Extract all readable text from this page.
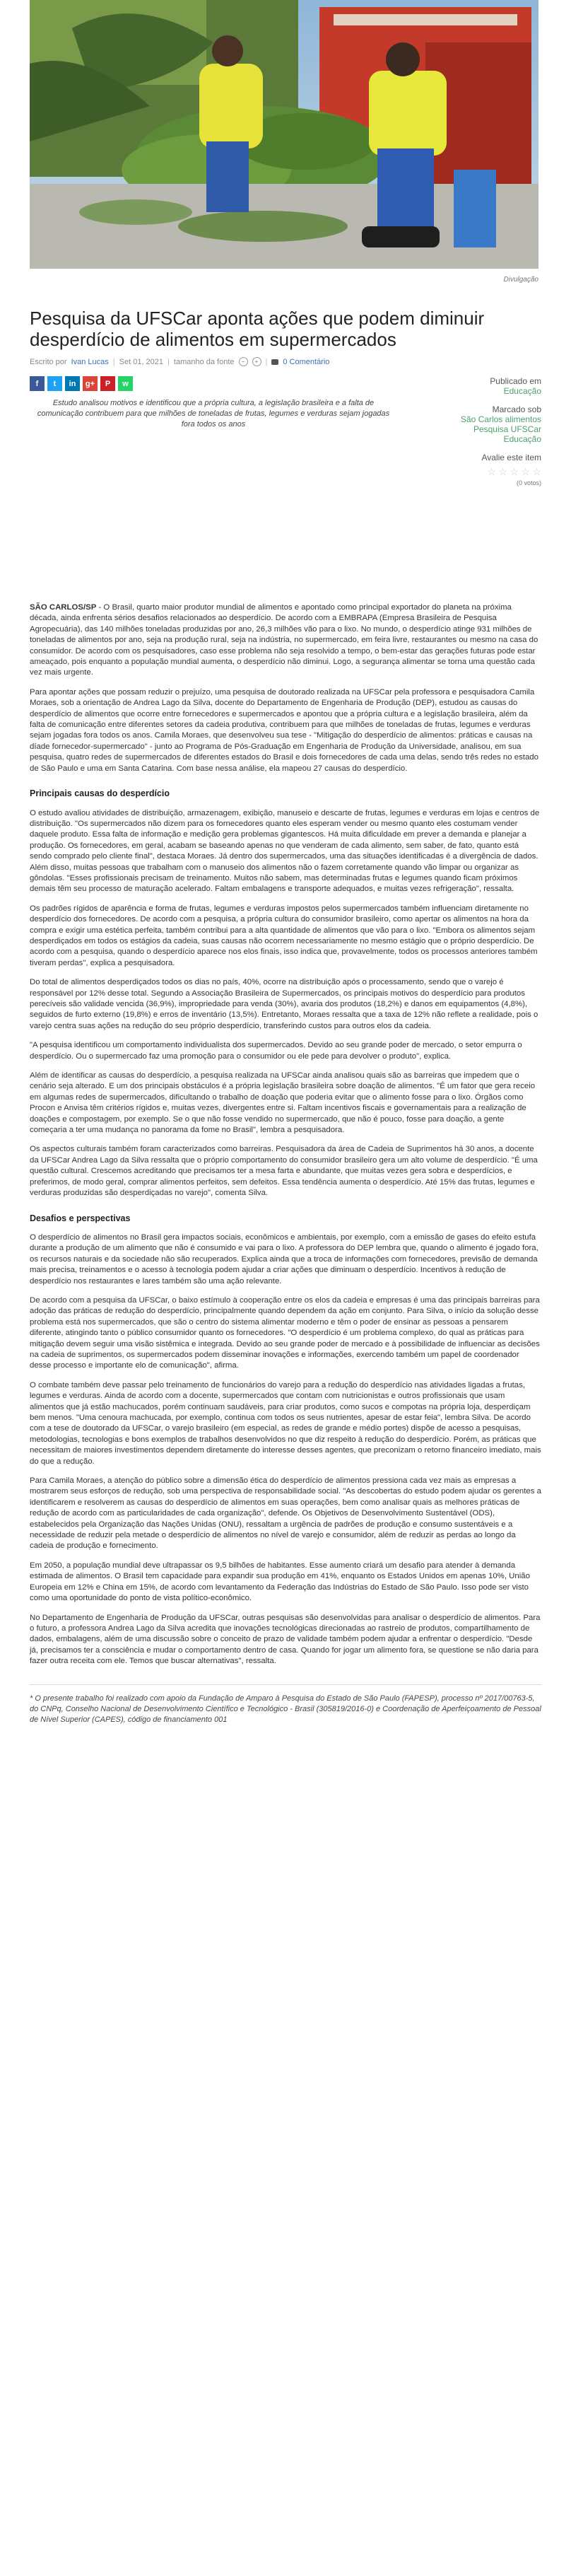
Divulgação
Pesquisa da UFSCar aponta ações que podem diminuir desperdício de alimentos em supermercados
Escrito por Ivan Lucas | Set 01, 2021 | tamanho da fonte	−	+ | 0 Comentário
f	t	in	g+	P	w
Estudo analisou motivos e identificou que a própria cultura, a legislação brasileira e a falta de comunicação contribuem para que milhões de toneladas de frutas, legumes e verduras sejam jogadas fora todos os anos
Publicado em
Educação
Marcado sob
São Carlos alimentos
Pesquisa UFSCar
Educação
Avalie este item
☆ ☆ ☆ ☆ ☆
(0 votos)

SÃO CARLOS/SP - O Brasil, quarto maior produtor mundial de alimentos e apontado como principal exportador do planeta na próxima década, ainda enfrenta sérios desafios relacionados ao desperdício. De acordo com a EMBRAPA (Empresa Brasileira de Pesquisa Agropecuária), das 140 milhões toneladas produzidas por ano, 26,3 milhões vão para o lixo. No mundo, o desperdício atinge 931 milhões de toneladas de alimentos por ano, seja na produção rural, seja na indústria, no supermercado, em feira livre, restaurantes ou mesmo na casa do consumidor. De acordo com os pesquisadores, caso esse problema não seja resolvido a tempo, o bem-estar das gerações futuras pode estar ameaçado, pois enquanto a população mundial aumenta, o desperdício não diminui. Logo, a segurança alimentar se torna uma questão cada vez mais urgente.

Para apontar ações que possam reduzir o prejuízo, uma pesquisa de doutorado realizada na UFSCar pela professora e pesquisadora Camila Moraes, sob a orientação de Andrea Lago da Silva, docente do Departamento de Engenharia de Produção (DEP), estudou as causas do desperdício de alimentos que ocorre entre fornecedores e supermercados e apontou que a própria cultura e a legislação brasileira, além da falta de comunicação entre diferentes setores da cadeia produtiva, contribuem para que milhões de toneladas de frutas, legumes e verduras sejam jogadas fora todos os anos. Camila Moraes, que desenvolveu sua tese - "Mitigação do desperdício de alimentos: práticas e causas na díade fornecedor-supermercado" - junto ao Programa de Pós-Graduação em Engenharia de Produção da Universidade, analisou, em sua pesquisa, quatro redes de supermercados de diferentes estados do Brasil e dois fornecedores de cada uma delas, sendo três redes no estado de São Paulo e uma em Santa Catarina. Com base nessa análise, ela mapeou 27 causas do desperdício.

Principais causas do desperdício

O estudo avaliou atividades de distribuição, armazenagem, exibição, manuseio e descarte de frutas, legumes e verduras em lojas e centros de distribuição. "Os supermercados não dizem para os fornecedores quanto eles esperam vender ou mesmo quanto eles costumam vender daquele produto. Essa falta de informação e medição gera problemas gigantescos. Há muita dificuldade em prever a demanda e planejar a produção. Os fornecedores, em geral, acabam se baseando apenas no que venderam de cada alimento, sem saber, de fato, quanto está sendo comprado pelo cliente final", destaca Moraes. Já dentro dos supermercados, uma das situações identificadas é a divergência de dados. Além disso, muitas pessoas que trabalham com o manuseio dos alimentos não o fazem corretamente quando vão limpar ou organizar as gôndolas. "Esses profissionais precisam de treinamento. Muitos não sabem, mas determinadas frutas e legumes quando ficam próximos demais têm seu processo de maturação acelerado. Faltam embalagens e transporte adequados, e muitas vezes refrigeração", ressalta.

Os padrões rígidos de aparência e forma de frutas, legumes e verduras impostos pelos supermercados também influenciam diretamente no desperdício dos fornecedores. De acordo com a pesquisa, a própria cultura do consumidor brasileiro, como apertar os alimentos na hora da compra e exigir uma estética perfeita, também contribui para a alta quantidade de alimentos que vão para o lixo. "Embora os alimentos sejam desperdiçados em todos os estágios da cadeia, suas causas não ocorrem necessariamente no mesmo estágio que o próprio desperdício. De acordo com a pesquisa, quando o desperdício aparece nos elos finais, isso indica que, provavelmente, todos os processos anteriores também tiveram perdas", explica a pesquisadora.

Do total de alimentos desperdiçados todos os dias no país, 40%, ocorre na distribuição após o processamento, sendo que o varejo é responsável por 12% desse total. Segundo a Associação Brasileira de Supermercados, os principais motivos do desperdício para produtos perecíveis são validade vencida (36,9%), impropriedade para venda (30%), avaria dos produtos (18,2%) e danos em equipamentos (4,8%), seguidos de furto externo (19,8%) e erros de inventário (13,5%). Entretanto, Moraes ressalta que a taxa de 12% não reflete a realidade, pois o varejo centra suas ações na redução do seu próprio desperdício, transferindo custos para outros elos da cadeia.

"A pesquisa identificou um comportamento individualista dos supermercados. Devido ao seu grande poder de mercado, o setor empurra o desperdício. Ou o supermercado faz uma promoção para o consumidor ou ele pede para devolver o produto", explica.

Além de identificar as causas do desperdício, a pesquisa realizada na UFSCar ainda analisou quais são as barreiras que impedem que o cenário seja alterado. E um dos principais obstáculos é a própria legislação brasileira sobre doação de alimentos. "É um fator que gera receio em algumas redes de supermercados, dificultando o trabalho de doação que poderia evitar que o alimento fosse para o lixo. Órgãos como Procon e Anvisa têm critérios rígidos e, muitas vezes, divergentes entre si. Faltam incentivos fiscais e governamentais para a realização de doações e compostagem, por exemplo. Se o que não fosse vendido no supermercado, que não é pouco, fosse para doação, a gente começaria a ter uma mudança no panorama da fome no Brasil", lembra a pesquisadora.

Os aspectos culturais também foram caracterizados como barreiras. Pesquisadora da área de Cadeia de Suprimentos há 30 anos, a docente da UFSCar Andrea Lago da Silva ressalta que o próprio comportamento do consumidor brasileiro gera um alto volume de desperdício. "É uma questão cultural. Crescemos acreditando que precisamos ter a mesa farta e abundante, que muitas vezes gera sobra e desperdícios, e preferimos, de modo geral, comprar alimentos perfeitos, sem defeitos. Essa tendência aumenta o desperdício. Até 15% das frutas, legumes e verduras produzidas são desperdiçadas no varejo", comenta Silva.

Desafios e perspectivas

O desperdício de alimentos no Brasil gera impactos sociais, econômicos e ambientais, por exemplo, com a emissão de gases do efeito estufa durante a produção de um alimento que não é consumido e vai para o lixo. A professora do DEP lembra que, quando o alimento é jogado fora, os recursos naturais e da sociedade não são recuperados. Explica ainda que a troca de informações com fornecedores, previsão de demanda mais precisa, treinamentos e o acesso à tecnologia podem ajudar a criar ações que diminuam o desperdício. Incentivos à redução de desperdício nos restaurantes e lares também são uma ação relevante.

De acordo com a pesquisa da UFSCar, o baixo estímulo à cooperação entre os elos da cadeia e empresas é uma das principais barreiras para adoção das práticas de redução do desperdício, principalmente quando dependem da ação em conjunto. Para Silva, o início da solução desse problema está nos supermercados, que são o centro do sistema alimentar moderno e têm o poder de ensinar as pessoas a pensarem diferente, atingindo tanto o público consumidor quanto os fornecedores. "O desperdício é um problema complexo, do qual as práticas para mitigação devem seguir uma visão sistêmica e integrada. Devido ao seu grande poder de mercado e à possibilidade de influenciar as decisões na cadeia de suprimentos, os supermercados podem disseminar inovações e informações, exercendo também um papel de coordenador desse processo e importante elo de comunicação", afirma.

O combate também deve passar pelo treinamento de funcionários do varejo para a redução do desperdício nas atividades ligadas a frutas, legumes e verduras. Ainda de acordo com a docente, supermercados que contam com nutricionistas e outros profissionais que usam alimentos que já estão machucados, porém continuam saudáveis, para criar produtos, como sucos e compotas na própria loja, desperdiçam bem menos. "Uma cenoura machucada, por exemplo, continua com todos os seus nutrientes, apesar de estar feia", lembra Silva. De acordo com a tese de doutorado da UFSCar, o varejo brasileiro (em especial, as redes de grande e médio portes) dispõe de acesso a pesquisas, metodologias, tecnologias e bons exemplos de trabalhos desenvolvidos no que diz respeito à redução do desperdício. Porém, as práticas que necessitam de maiores investimentos dependem diretamente do interesse desses agentes, que preconizam o retorno financeiro imediato, mais do que a redução.

Para Camila Moraes, a atenção do público sobre a dimensão ética do desperdício de alimentos pressiona cada vez mais as empresas a mostrarem seus esforços de redução, sob uma perspectiva de responsabilidade social. "As descobertas do estudo podem ajudar os gerentes a identificarem e resolverem as causas do desperdício de alimentos em suas operações, bem como analisar quais as melhores práticas de redução de acordo com as particularidades de cada organização", defende. Os Objetivos de Desenvolvimento Sustentável (ODS), estabelecidos pela Organização das Nações Unidas (ONU), ressaltam a urgência de padrões de produção e consumo sustentáveis e a necessidade de reduzir pela metade o desperdício de alimentos no nível de varejo e consumidor, além de reduzir as perdas ao longo da cadeia de produção e fornecimento.

Em 2050, a população mundial deve ultrapassar os 9,5 bilhões de habitantes. Esse aumento criará um desafio para atender à demanda estimada de alimentos. O Brasil tem capacidade para expandir sua produção em 41%, enquanto os Estados Unidos em apenas 10%, União Europeia em 12% e China em 15%, de acordo com levantamento da Federação das Indústrias do Estado de São Paulo. Isso pode ser visto como uma oportunidade do ponto de vista político-econômico.

No Departamento de Engenharia de Produção da UFSCar, outras pesquisas são desenvolvidas para analisar o desperdício de alimentos. Para o futuro, a professora Andrea Lago da Silva acredita que inovações tecnológicas direcionadas ao rastreio de produtos, compartilhamento de dados, embalagens, além de uma discussão sobre o conceito de prazo de validade também podem ajudar a enfrentar o desperdício. "Desde já, precisamos ter a consciência e mudar o comportamento dentro de casa. Quando for jogar um alimento fora, se questione se não daria para fazer outra receita com ele. Temos que buscar alternativas", ressalta.

* O presente trabalho foi realizado com apoio da Fundação de Amparo à Pesquisa do Estado de São Paulo (FAPESP), processo nº 2017/00763-5, do CNPq, Conselho Nacional de Desenvolvimento Científico e Tecnológico - Brasil (305819/2016-0) e Coordenação de Aperfeiçoamento de Pessoal de Nível Superior (CAPES), código de financiamento 001
